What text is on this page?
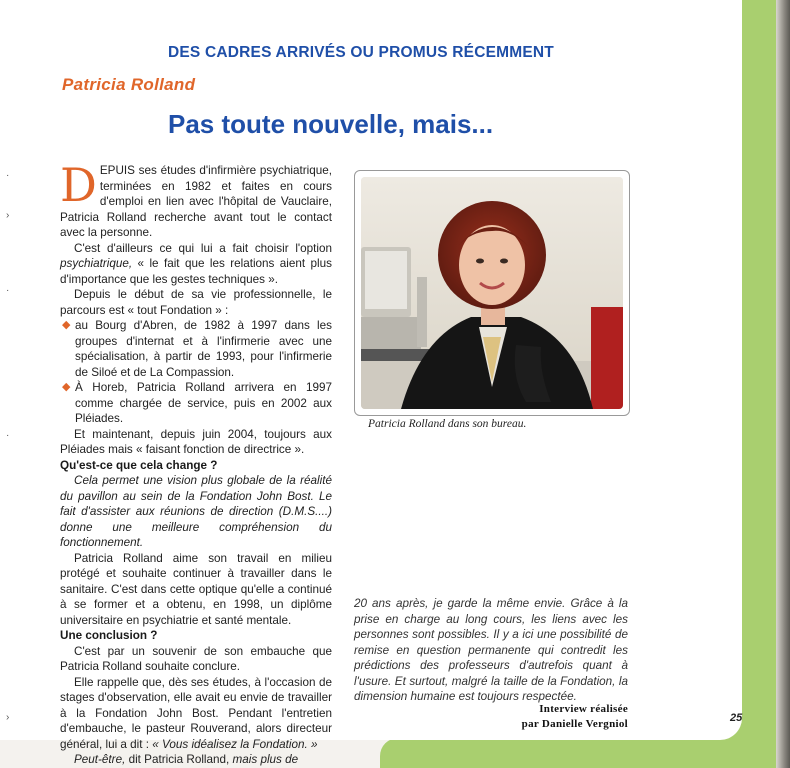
·
›
·
·
›
DES CADRES ARRIVÉS OU PROMUS RÉCEMMENT
Patricia Rolland
Pas toute nouvelle, mais...

DEPUIS ses études d'infirmière psychiatrique, terminées en 1982 et faites en cours d'emploi en lien avec l'hôpital de Vauclaire, Patricia Rolland recherche avant tout le contact avec la personne.

C'est d'ailleurs ce qui lui a fait choisir l'option psychiatrique, « le fait que les relations aient plus d'importance que les gestes techniques ».

Depuis le début de sa vie professionnelle, le parcours est « tout Fondation » :

◆ au Bourg d'Abren, de 1982 à 1997 dans les groupes d'internat et à l'infirmerie avec une spécialisation, à partir de 1993, pour l'infirmerie de Siloé et de La Compassion.

◆ À Horeb, Patricia Rolland arrivera en 1997 comme chargée de service, puis en 2002 aux Pléiades.

Et maintenant, depuis juin 2004, toujours aux Pléiades mais « faisant fonction de directrice ».

Qu'est-ce que cela change ?

Cela permet une vision plus globale de la réalité du pavillon au sein de la Fondation John Bost. Le fait d'assister aux réunions de direction (D.M.S....) donne une meilleure compréhension du fonctionnement.

Patricia Rolland aime son travail en milieu protégé et souhaite continuer à travailler dans le sanitaire. C'est dans cette optique qu'elle a continué à se former et a obtenu, en 1998, un diplôme universitaire en psychiatrie et santé mentale.

Une conclusion ?

C'est par un souvenir de son embauche que Patricia Rolland souhaite conclure.

Elle rappelle que, dès ses études, à l'occasion de stages d'observation, elle avait eu envie de travailler à la Fondation John Bost. Pendant l'entretien d'embauche, le pasteur Rouverand, alors directeur général, lui a dit : « Vous idéalisez la Fondation. »

Peut-être, dit Patricia Rolland, mais plus de

Patricia Rolland dans son bureau.
20 ans après, je garde la même envie. Grâce à la prise en charge au long cours, les liens avec les personnes sont possibles. Il y a ici une possibilité de remise en question permanente qui contredit les prédictions des professeurs d'autrefois quant à l'usure. Et surtout, malgré la taille de la Fondation, la dimension humaine est toujours respectée.
Interview réalisée
par Danielle Vergniol	25
